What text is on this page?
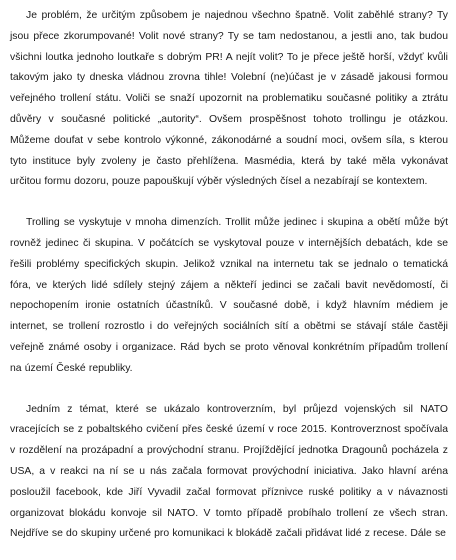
Je problém, že určitým způsobem je najednou všechno špatně. Volit zaběhlé strany? Ty jsou přece zkorumpované! Volit nové strany? Ty se tam nedostanou, a jestli ano, tak budou všichni loutka jednoho loutkaře s dobrým PR! A nejít volit? To je přece ještě horší, vždyť kvůli takovým jako ty dneska vládnou zrovna tihle! Volební (ne)účast je v zásadě jakousi formou veřejného trollení státu. Voliči se snaží upozornit na problematiku současné politiky a ztrátu důvěry v současné politické „autority“. Ovšem prospěšnost tohoto trollingu je otázkou. Můžeme doufat v sebe kontrolo výkonné, zákonodárné a soudní moci, ovšem síla, s kterou tyto instituce byly zvoleny je často přehlížena. Masmédia, která by také měla vykonávat určitou formu dozoru, pouze papouškují výběr výsledných čísel a nezabírají se kontextem.

Trolling se vyskytuje v mnoha dimenzích. Trollit může jedinec i skupina a obětí může být rovněž jedinec či skupina. V počátcích se vyskytoval pouze v internějších debatách, kde se řešili problémy specifických skupin. Jelikož vznikal na internetu tak se jednalo o tematická fóra, ve kterých lidé sdílely stejný zájem a někteří jedinci se začali bavit nevědomostí, či nepochopením ironie ostatních účastníků. V současné době, i když hlavním médiem je internet, se trollení rozrostlo i do veřejných sociálních sítí a obětmi se stávají stále častěji veřejně známé osoby i organizace. Rád bych se proto věnoval konkrétním případům trollení na území České republiky.

Jedním z témat, které se ukázalo kontroverzním, byl průjezd vojenských sil NATO vracejících se z pobaltského cvičení přes české území v roce 2015. Kontroverznost spočívala v rozdělení na prozápadní a provýchodní stranu. Projíždějící jednotka Dragounů pocházela z USA, a v reakci na ní se u nás začala formovat provýchodní iniciativa. Jako hlavní aréna posloužil facebook, kde Jiří Vyvadil začal formovat příznivce ruské politiky a v návaznosti organizovat blokádu konvoje sil NATO. V tomto případě probíhalo trollení ze všech stran. Nejdříve se do skupiny určené pro komunikaci k blokádě začali přidávat lidé z recese. Dále se
